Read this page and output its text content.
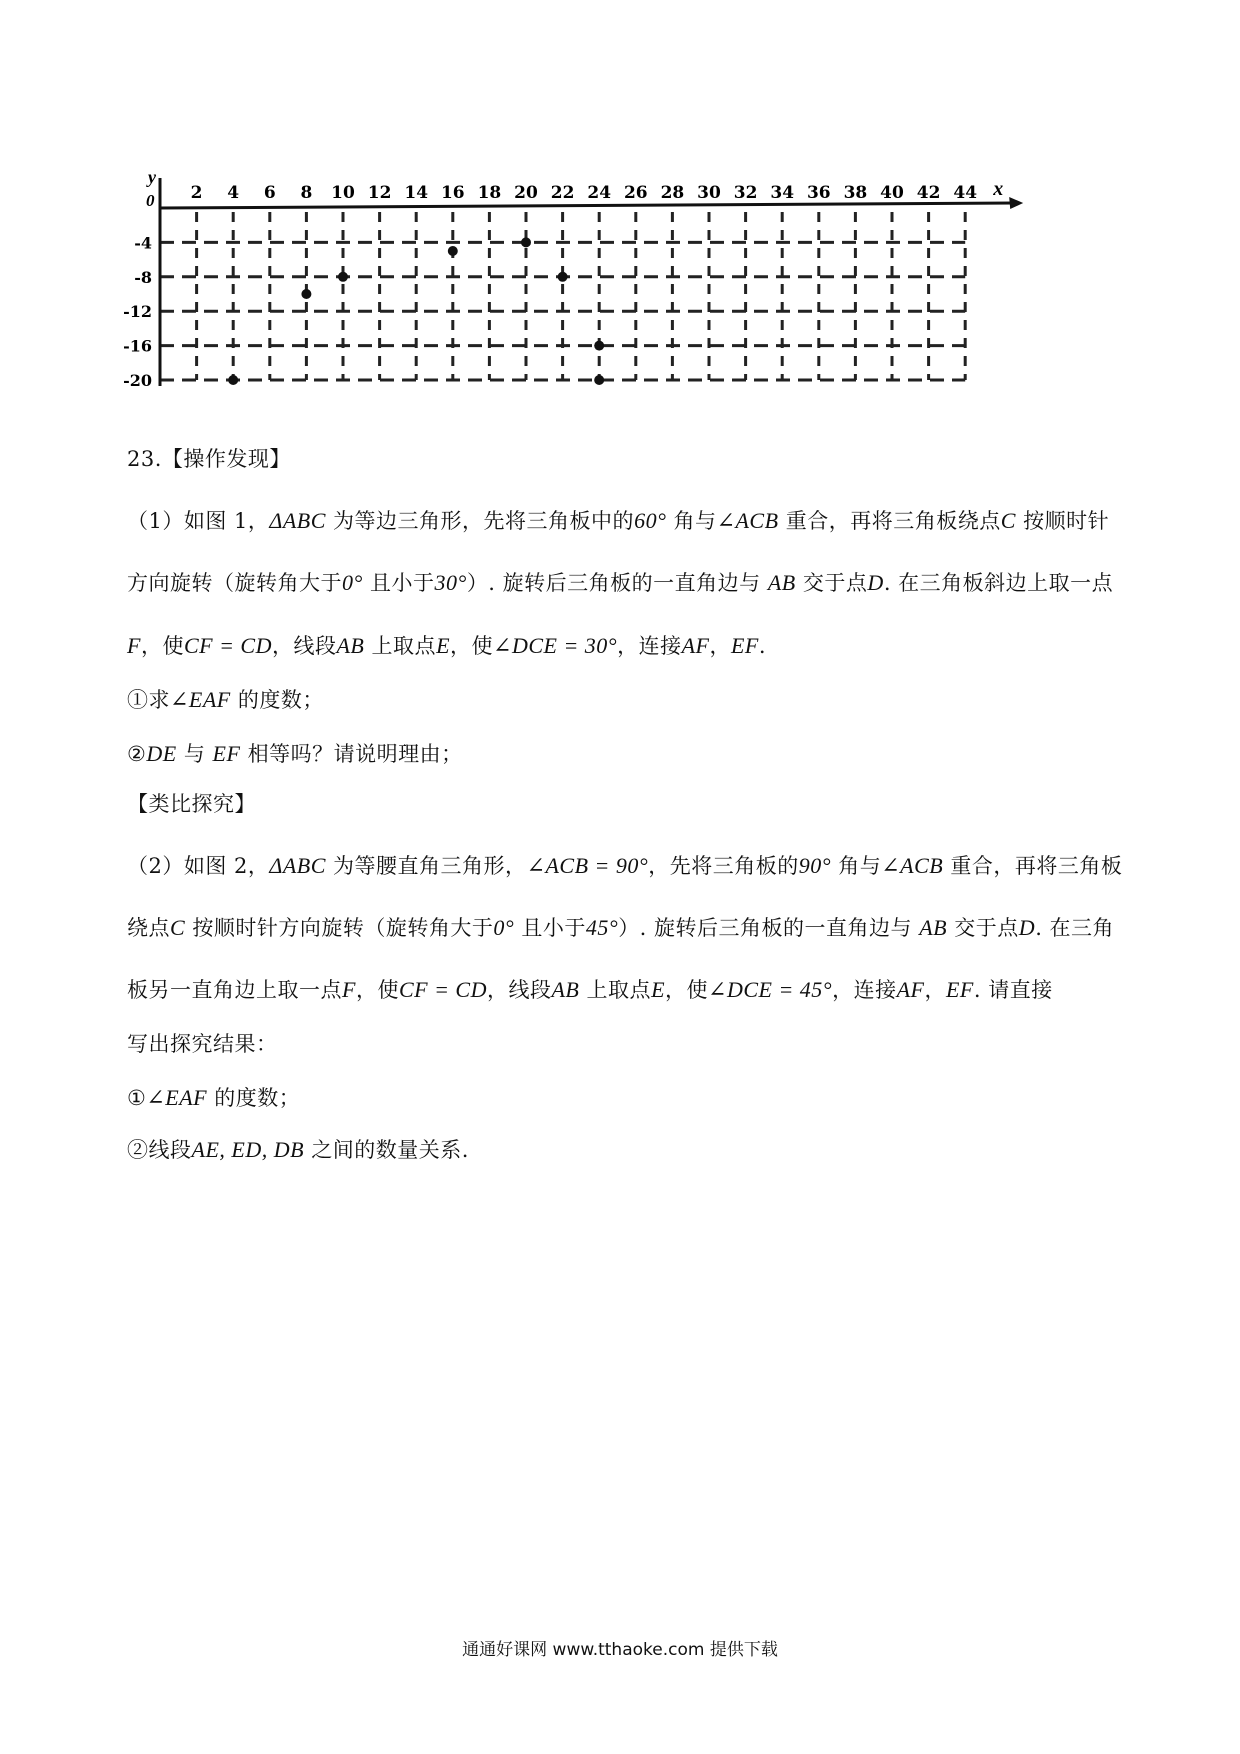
x
y
0 2 4 6 8 10 12 14 16 18 20 22 24 26 28 30 32 34 36 38 40 42 44
-4
-8
-12
-16
-20
23.【操作发现】
（1）如图 1，ΔABC 为等边三角形，先将三角板中的60° 角与∠ACB 重合，再将三角板绕点C 按顺时针
方向旋转（旋转角大于0° 且小于30°）. 旋转后三角板的一直角边与 AB 交于点D. 在三角板斜边上取一点
F，使CF = CD，线段AB 上取点E，使∠DCE = 30°，连接AF，EF.
①求∠EAF 的度数；
②DE 与 EF 相等吗？请说明理由；
【类比探究】
（2）如图 2，ΔABC 为等腰直角三角形，∠ACB = 90°，先将三角板的90° 角与∠ACB 重合，再将三角板
绕点C 按顺时针方向旋转（旋转角大于0° 且小于45°）. 旋转后三角板的一直角边与 AB 交于点D. 在三角
板另一直角边上取一点F，使CF = CD，线段AB 上取点E，使∠DCE = 45°，连接AF，EF. 请直接
写出探究结果：
①∠EAF 的度数；
②线段AE, ED, DB 之间的数量关系.
通通好课网 www.tthaoke.com 提供下载
